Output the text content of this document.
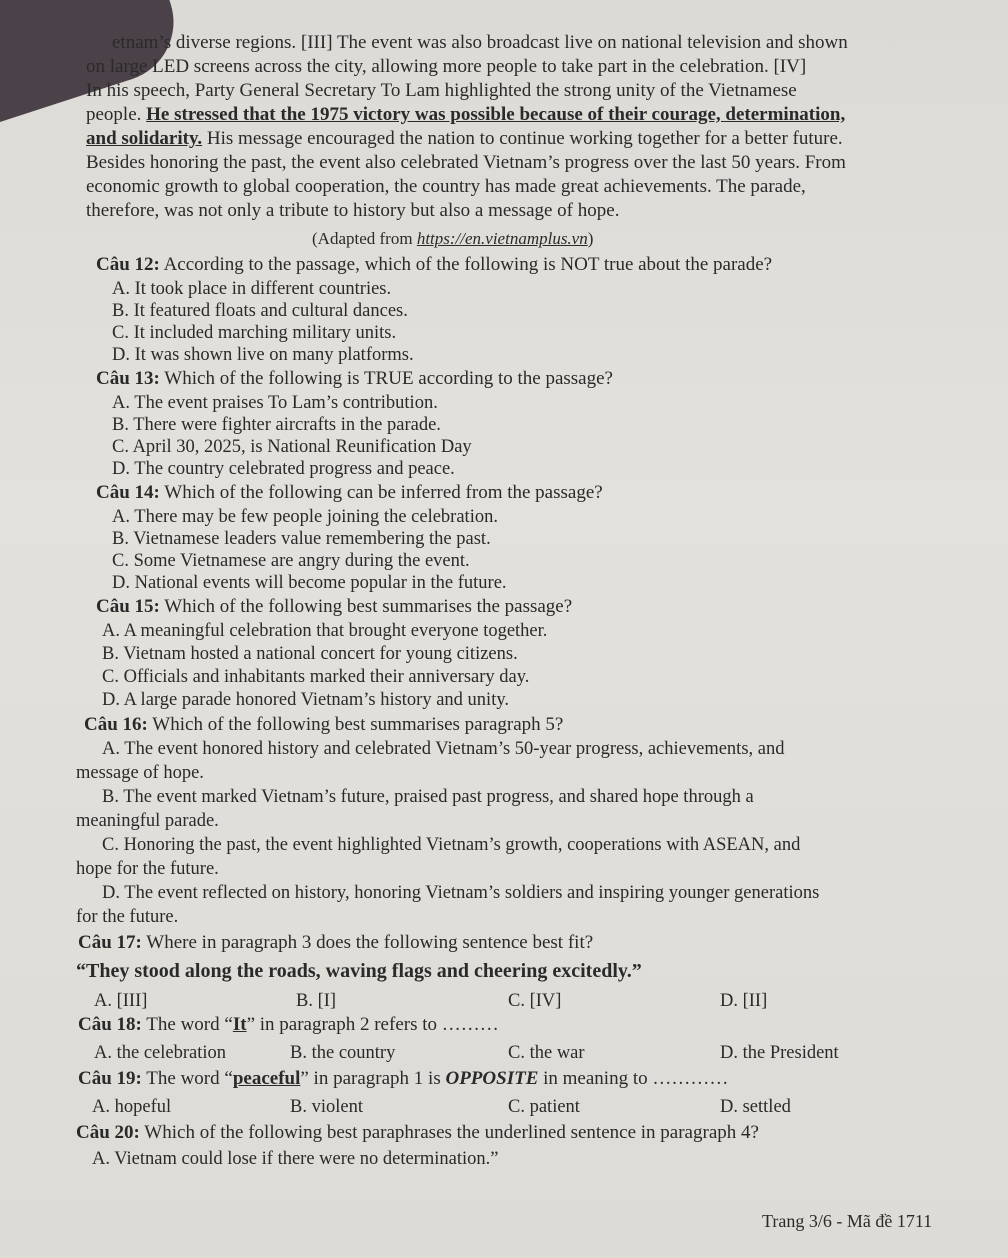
etnam’s diverse regions. [III] The event was also broadcast live on national television and shown
on large LED screens across the city, allowing more people to take part in the celebration. [IV]
In his speech, Party General Secretary To Lam highlighted the strong unity of the Vietnamese
people. He stressed that the 1975 victory was possible because of their courage, determination,
and solidarity. His message encouraged the nation to continue working together for a better future.
Besides honoring the past, the event also celebrated Vietnam’s progress over the last 50 years. From
economic growth to global cooperation, the country has made great achievements. The parade,
therefore, was not only a tribute to history but also a message of hope.
(Adapted from https://en.vietnamplus.vn)
Câu 12: According to the passage, which of the following is NOT true about the parade?
A. It took place in different countries.
B. It featured floats and cultural dances.
C. It included marching military units.
D. It was shown live on many platforms.
Câu 13: Which of the following is TRUE according to the passage?
A. The event praises To Lam’s contribution.
B. There were fighter aircrafts in the parade.
C. April 30, 2025, is National Reunification Day
D. The country celebrated progress and peace.
Câu 14: Which of the following can be inferred from the passage?
A. There may be few people joining the celebration.
B. Vietnamese leaders value remembering the past.
C. Some Vietnamese are angry during the event.
D. National events will become popular in the future.
Câu 15: Which of the following best summarises the passage?
A. A meaningful celebration that brought everyone together.
B. Vietnam hosted a national concert for young citizens.
C. Officials and inhabitants marked their anniversary day.
D. A large parade honored Vietnam’s history and unity.
Câu 16: Which of the following best summarises paragraph 5?
A. The event honored history and celebrated Vietnam’s 50-year progress, achievements, and
message of hope.
B. The event marked Vietnam’s future, praised past progress, and shared hope through a
meaningful parade.
C. Honoring the past, the event highlighted Vietnam’s growth, cooperations with ASEAN, and
hope for the future.
D. The event reflected on history, honoring Vietnam’s soldiers and inspiring younger generations
for the future.
Câu 17: Where in paragraph 3 does the following sentence best fit?
“They stood along the roads, waving flags and cheering excitedly.”
A. [III]	B. [I]	C. [IV]	D. [II]
Câu 18: The word “It” in paragraph 2 refers to ………
A. the celebration	B. the country	C. the war	D. the President
Câu 19: The word “peaceful” in paragraph 1 is OPPOSITE in meaning to …………
A. hopeful	B. violent	C. patient	D. settled
Câu 20: Which of the following best paraphrases the underlined sentence in paragraph 4?
A. Vietnam could lose if there were no determination.”
Trang 3/6 - Mã đề 1711
